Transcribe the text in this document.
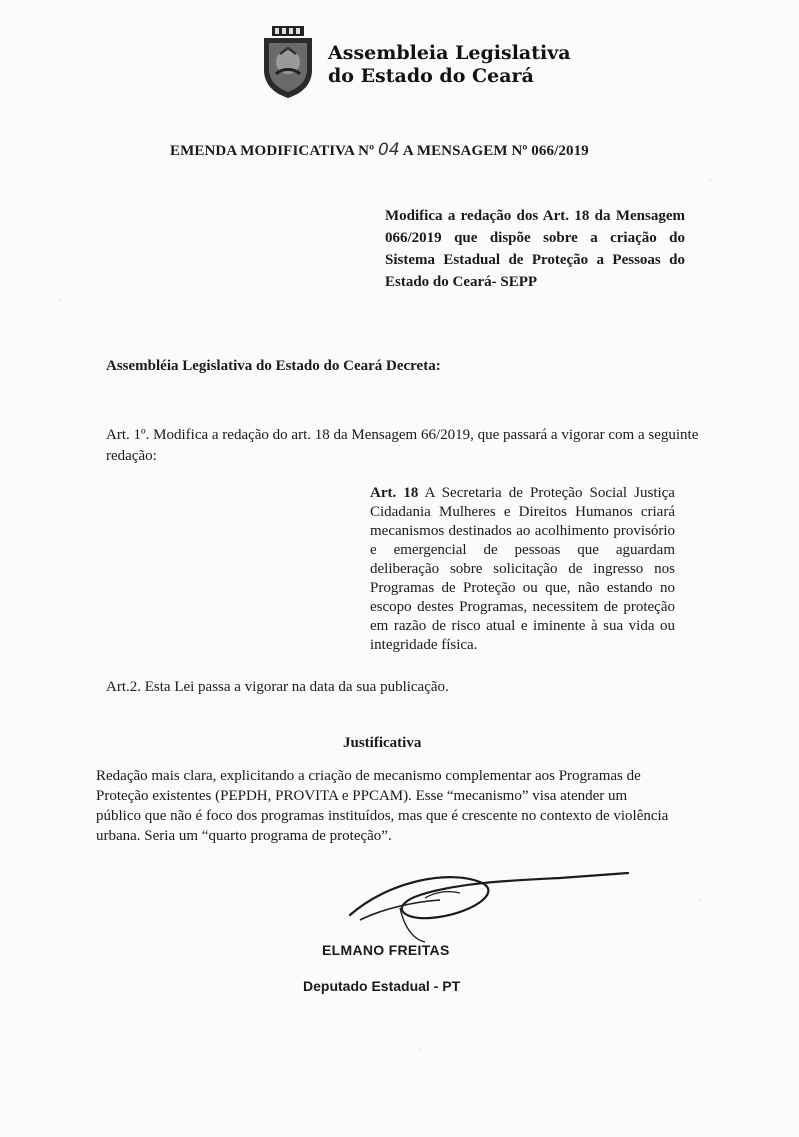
Assembleia Legislativa
do Estado do Ceará
EMENDA MODIFICATIVA Nº 04 A MENSAGEM Nº 066/2019
Modifica a redação dos Art. 18 da Mensagem 066/2019 que dispõe sobre a criação do Sistema Estadual de Proteção a Pessoas do Estado do Ceará- SEPP
Assembléia Legislativa do Estado do Ceará Decreta:
Art. 1º. Modifica a redação do art. 18 da Mensagem 66/2019, que passará a vigorar com a seguinte redação:
Art. 18 A Secretaria de Proteção Social Justiça Cidadania Mulheres e Direitos Humanos criará mecanismos destinados ao acolhimento provisório e emergencial de pessoas que aguardam deliberação sobre solicitação de ingresso nos Programas de Proteção ou que, não estando no escopo destes Programas, necessitem de proteção em razão de risco atual e iminente à sua vida ou integridade física.
Art.2. Esta Lei passa a vigorar na data da sua publicação.
Justificativa
Redação mais clara, explicitando a criação de mecanismo complementar aos Programas de Proteção existentes (PEPDH, PROVITA e PPCAM). Esse “mecanismo” visa atender um público que não é foco dos programas instituídos, mas que é crescente no contexto de violência urbana. Seria um “quarto programa de proteção”.
ELMANO FREITAS
Deputado Estadual - PT
